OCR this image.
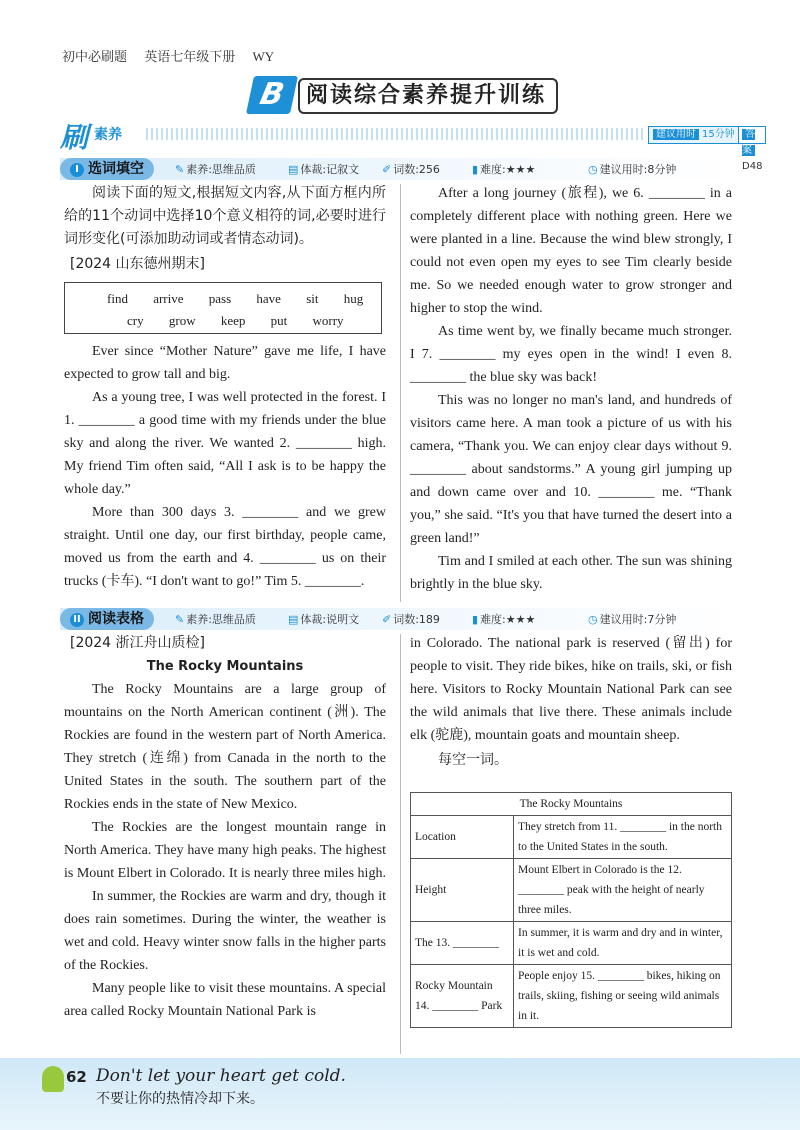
初中必刷题 英语七年级下册 WY
B 阅读综合素养提升训练
刷 素养	建议用时 15分钟	答案D48
I 选词填空	✎ 素养:思维品质	▤ 体裁:记叙文 ✐ 词数:256	▮ 难度:★★★	◷ 建议用时:8分钟

阅读下面的短文,根据短文内容,从下面方框内所给的11个动词中选择10个意义相符的词,必要时进行词形变化(可添加助动词或者情态动词)。

[2024 山东德州期末]

find arrive pass have sit hug
cry grow keep put worry

Ever since “Mother Nature” gave me life, I have expected to grow tall and big.

As a young tree, I was well protected in the forest. I 1. ________ a good time with my friends under the blue sky and along the river. We wanted 2. ________ high. My friend Tim often said, “All I ask is to be happy the whole day.”

More than 300 days 3. ________ and we grew straight. Until one day, our first birthday, people came, moved us from the earth and 4. ________ us on their trucks (卡车). “I don't want to go!” Tim 5. ________.

After a long journey (旅程), we 6. ________ in a completely different place with nothing green. Here we were planted in a line. Because the wind blew strongly, I could not even open my eyes to see Tim clearly beside me. So we needed enough water to grow stronger and higher to stop the wind.

As time went by, we finally became much stronger. I 7. ________ my eyes open in the wind! I even 8. ________ the blue sky was back!

This was no longer no man's land, and hundreds of visitors came here. A man took a picture of us with his camera, “Thank you. We can enjoy clear days without 9. ________ about sandstorms.” A young girl jumping up and down came over and 10. ________ me. “Thank you,” she said. “It's you that have turned the desert into a green land!”

Tim and I smiled at each other. The sun was shining brightly in the blue sky.

II 阅读表格	✎ 素养:思维品质	▤ 体裁:说明文 ✐ 词数:189	▮ 难度:★★★	◷ 建议用时:7分钟

[2024 浙江舟山质检]

The Rocky Mountains

The Rocky Mountains are a large group of mountains on the North American continent (洲). The Rockies are found in the western part of North America. They stretch (连绵) from Canada in the north to the United States in the south. The southern part of the Rockies ends in the state of New Mexico.

The Rockies are the longest mountain range in North America. They have many high peaks. The highest is Mount Elbert in Colorado. It is nearly three miles high.

In summer, the Rockies are warm and dry, though it does rain sometimes. During the winter, the weather is wet and cold. Heavy winter snow falls in the higher parts of the Rockies.

Many people like to visit these mountains. A special area called Rocky Mountain National Park is

in Colorado. The national park is reserved (留出) for people to visit. They ride bikes, hike on trails, ski, or fish here. Visitors to Rocky Mountain National Park can see the wild animals that live there. These animals include elk (驼鹿), mountain goats and mountain sheep.

每空一词。

The Rocky Mountains	
Location	They stretch from 11. ________ in the north to the United States in the south.
Height	Mount Elbert in Colorado is the 12. ________ peak with the height of nearly three miles.
The 13. ________	In summer, it is warm and dry and in winter, it is wet and cold.
Rocky Mountain 14. ________ Park	People enjoy 15. ________ bikes, hiking on trails, skiing, fishing or seeing wild animals in it.
62 Don't let your heart get cold.
不要让你的热情冷却下来。
